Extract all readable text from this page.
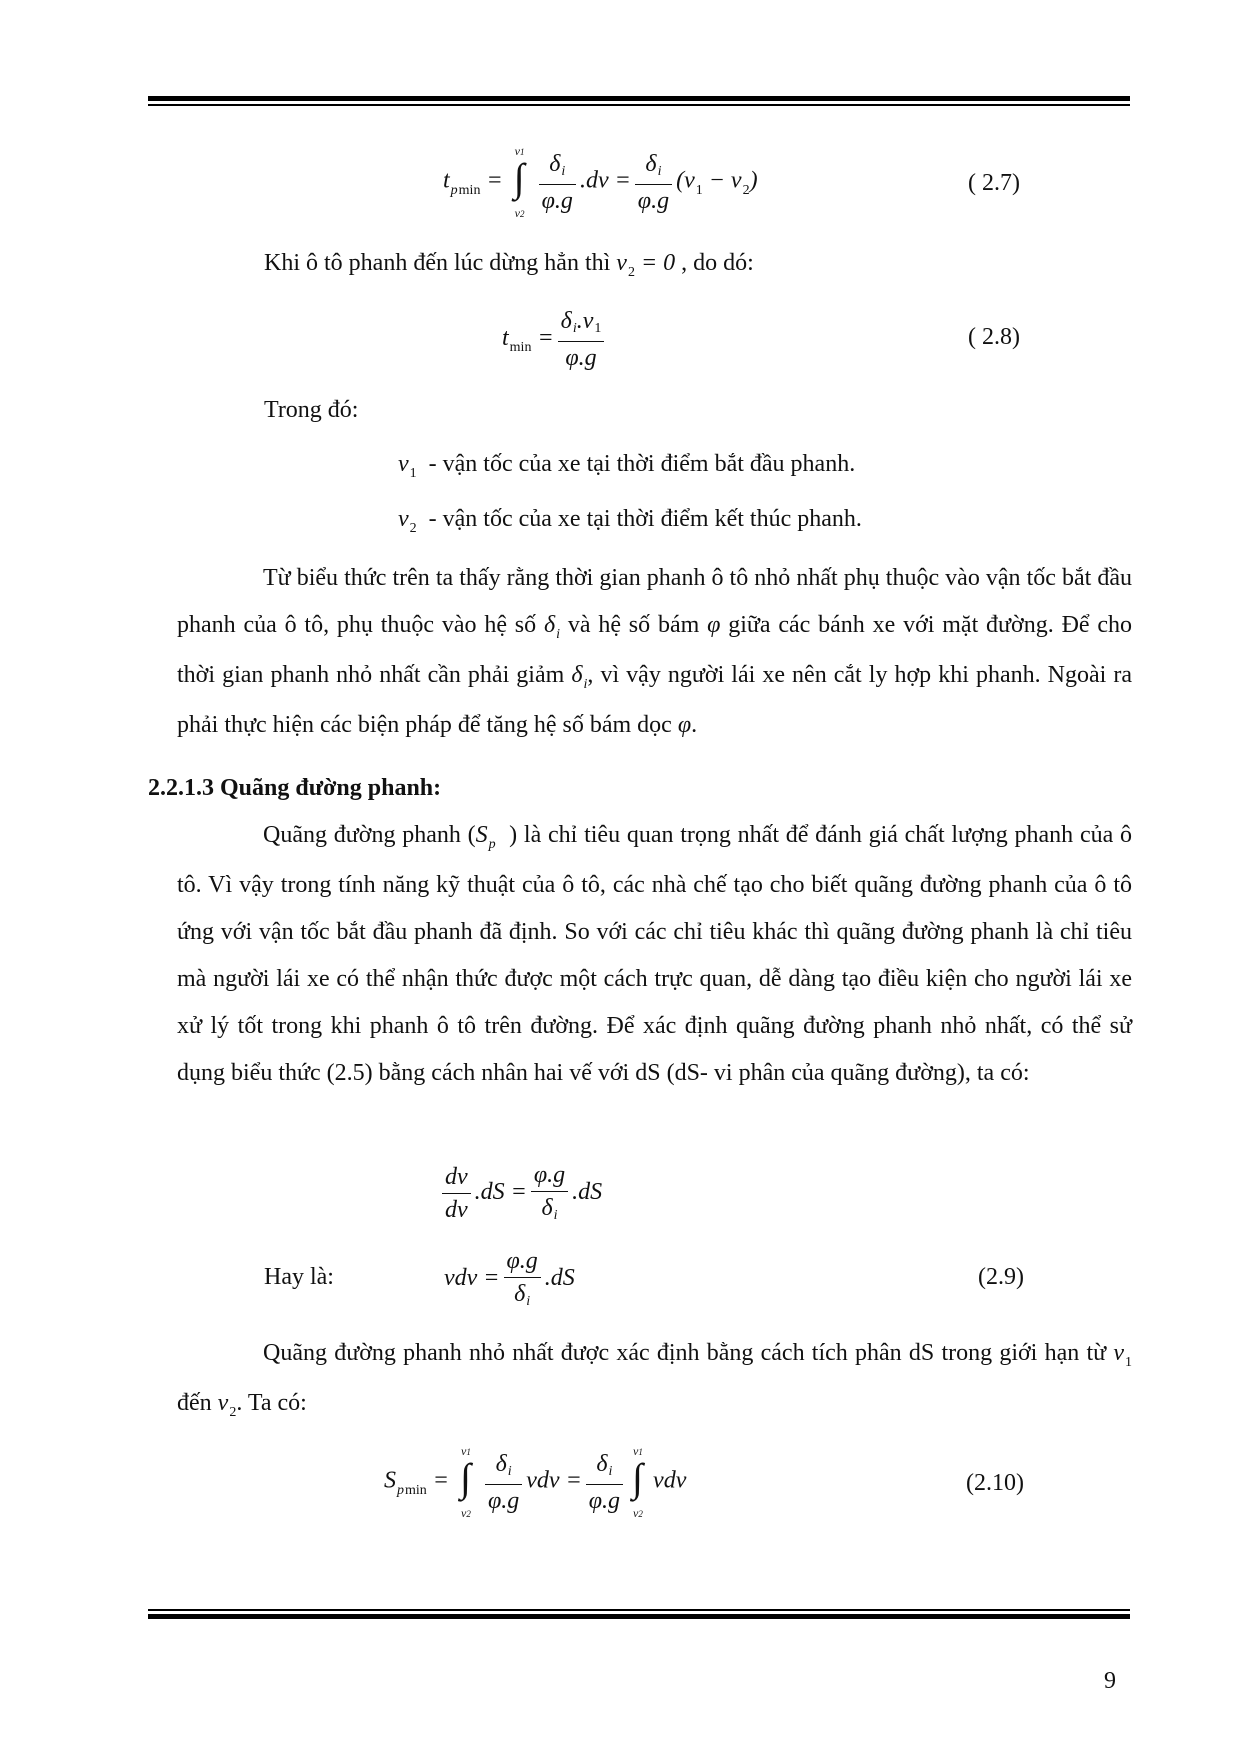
$t_{pmin}$ =
v1
∫
v2
$\frac{\delta i}{\varphi.g} .dv = \frac{\delta i}{\varphi.g} (v_1 - v_2)$	( 2.7)
Khi ô tô phanh đến lúc dừng hẳn thì $v_2 = 0$ , do dó:
$t_{min} = \frac{\delta i.v1}{\varphi.g}$	( 2.8)
Trong đó:
$v_1$ - vận tốc của xe tại thời điểm bắt đầu phanh.
$v_2$ - vận tốc của xe tại thời điểm kết thúc phanh.
Từ biểu thức trên ta thấy rằng thời gian phanh ô tô nhỏ nhất phụ thuộc vào vận tốc bắt đầu phanh của ô tô, phụ thuộc vào hệ số $\delta_i$ và hệ số bám φ giữa các bánh xe với mặt đường. Để cho thời gian phanh nhỏ nhất cần phải giảm $\delta_i$, vì vậy người lái xe nên cắt ly hợp khi phanh. Ngoài ra phải thực hiện các biện pháp để tăng hệ số bám dọc φ.
2.2.1.3 Quãng đường phanh:
Quãng đường phanh ($S_p$ ) là chỉ tiêu quan trọng nhất để đánh giá chất lượng phanh của ô tô. Vì vậy trong tính năng kỹ thuật của ô tô, các nhà chế tạo cho biết quãng đường phanh của ô tô ứng với vận tốc bắt đầu phanh đã định. So với các chỉ tiêu khác thì quãng đường phanh là chỉ tiêu mà người lái xe có thể nhận thức được một cách trực quan, dễ dàng tạo điều kiện cho người lái xe xử lý tốt trong khi phanh ô tô trên đường. Để xác định quãng đường phanh nhỏ nhất, có thể sử dụng biểu thức (2.5) bằng cách nhân hai vế với dS (dS- vi phân của quãng đường), ta có:
$\frac{dv}{dv} .dS = \frac{\varphi.g}{\delta i} .dS$
Hay là:	vdv = $\frac{\varphi.g}{\delta i} .dS$	(2.9)
Quãng đường phanh nhỏ nhất được xác định bằng cách tích phân dS trong giới hạn từ $v_1$ đến $v_2$. Ta có:
$S_{pmin}$ =
v1
∫
v2
$\frac{\delta i}{\varphi.g}$ vdv = $\frac{\delta i}{\varphi.g} v1$
∫
v2
vdv	(2.10)
9
